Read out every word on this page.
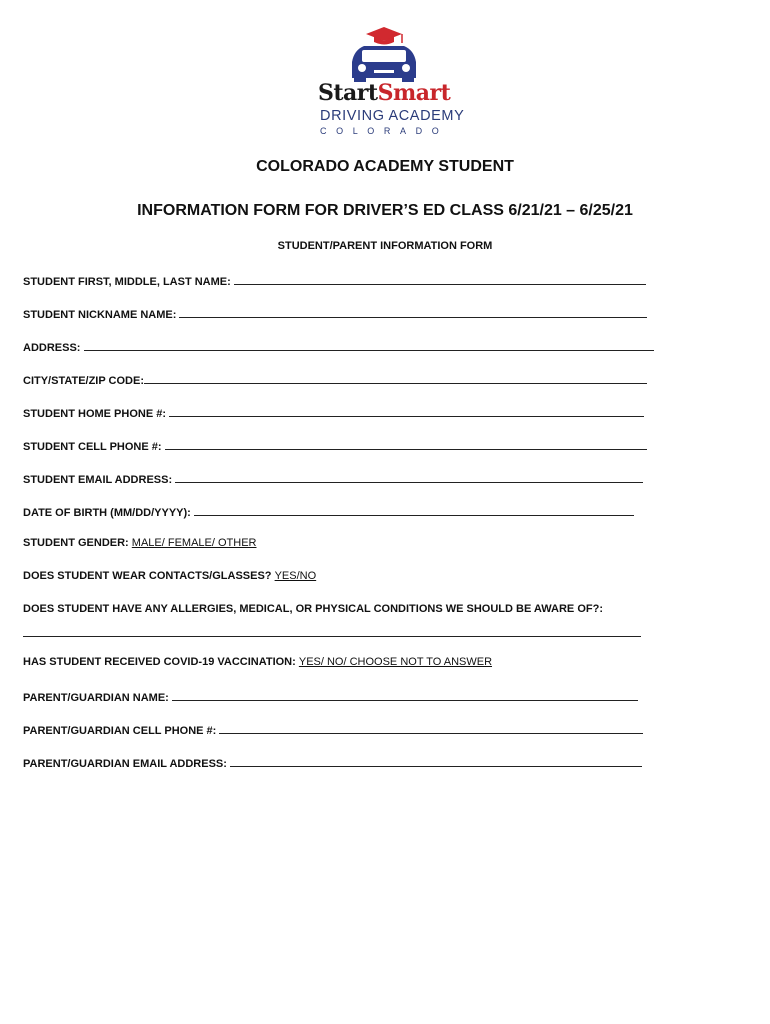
StartSmart
DRIVING ACADEMY
COLORADO
COLORADO ACADEMY STUDENT
INFORMATION FORM FOR DRIVER’S ED CLASS 6/21/21 – 6/25/21
STUDENT/PARENT INFORMATION FORM
STUDENT FIRST, MIDDLE, LAST NAME:
STUDENT NICKNAME NAME:
ADDRESS:
CITY/STATE/ZIP CODE:
STUDENT HOME PHONE #:
STUDENT CELL PHONE #:
STUDENT EMAIL ADDRESS:
DATE OF BIRTH (MM/DD/YYYY):
STUDENT GENDER: MALE/ FEMALE/ OTHER
DOES STUDENT WEAR CONTACTS/GLASSES? YES/NO
DOES STUDENT HAVE ANY ALLERGIES, MEDICAL, OR PHYSICAL CONDITIONS WE SHOULD BE AWARE OF?:
HAS STUDENT RECEIVED COVID-19 VACCINATION: YES/ NO/ CHOOSE NOT TO ANSWER
PARENT/GUARDIAN NAME:
PARENT/GUARDIAN CELL PHONE #:
PARENT/GUARDIAN EMAIL ADDRESS:
